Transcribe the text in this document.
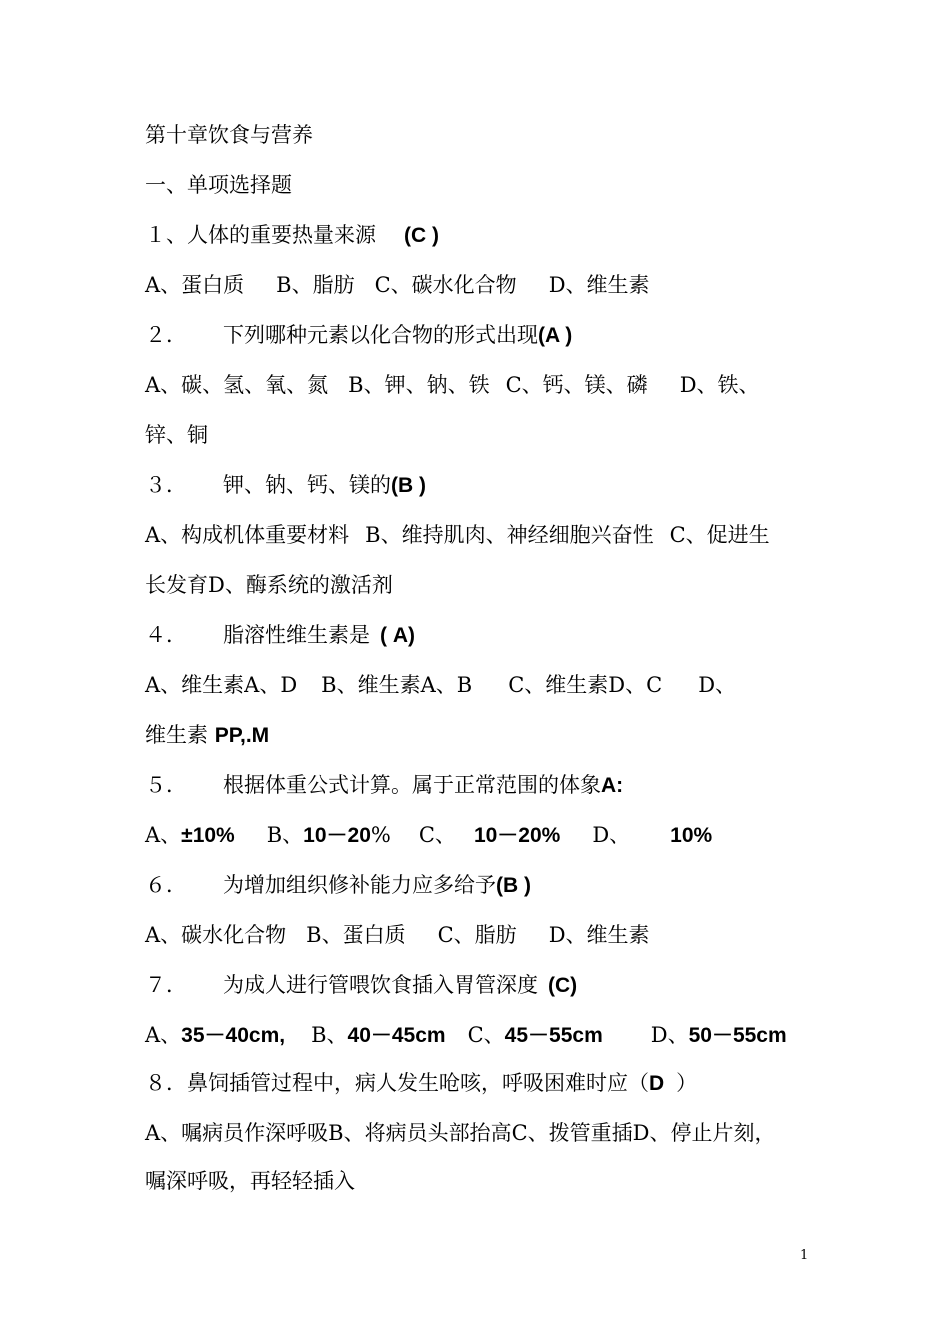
第十章饮食与营养
一、单项选择题
１、人体的重要热量来源 (C )
A、蛋白质 B、脂肪 C、碳水化合物 D、维生素
２． 下列哪种元素以化合物的形式出现(A )
A、碳、氢、氧、氮 B、钾、钠、铁 C、钙、镁、磷 D、铁、
锌、铜
３． 钾、钠、钙、镁的(B )
A、构成机体重要材料 B、维持肌肉、神经细胞兴奋性 C、促进生
长发育D、酶系统的激活剂
４． 脂溶性维生素是 ( A)
A、维生素A、D B、维生素A、B C、维生素D、C D、
维生素 PP,.M
５． 根据体重公式计算。属于正常范围的体象A:
A、±10% B、10－20% C、 10－20% D、 10%
６． 为增加组织修补能力应多给予(B )
A、碳水化合物 B、蛋白质 C、脂肪 D、维生素
７． 为成人进行管喂饮食插入胃管深度 (C)
A、35－40cm, B、40－45cm C、45－55cm D、50－55cm
８．鼻饲插管过程中，病人发生呛咳，呼吸困难时应（D ）
A、嘱病员作深呼吸B、将病员头部抬高C、拨管重插D、停止片刻，
嘱深呼吸，再轻轻插入
1
